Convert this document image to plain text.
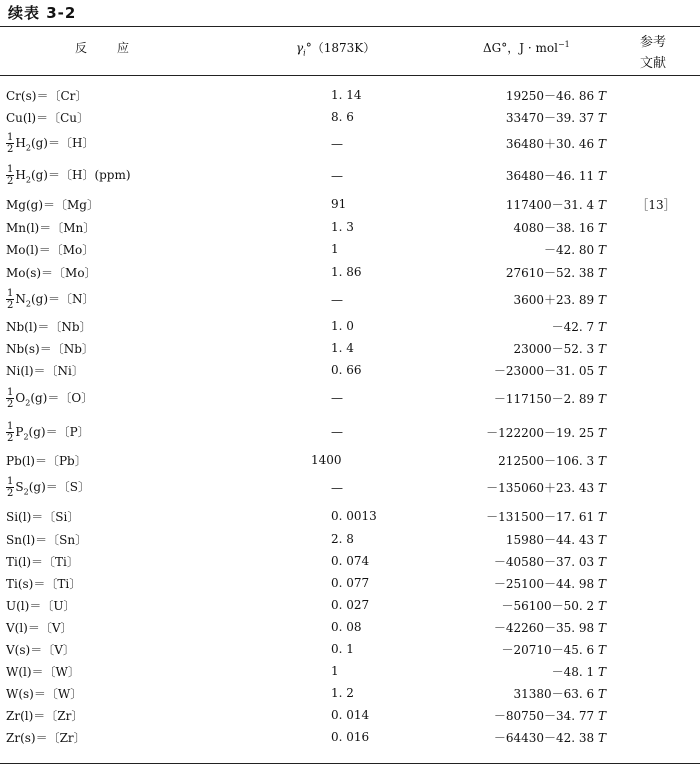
续表 3-2
反　　应	$\gamma_i^\circ(1873K)$	ΔG°，J · mol$^{-1}$	参考
文献
Cr(s)＝〔Cr〕	1. 14	19250－46. 86 T	
Cu(l)＝〔Cu〕	8. 6	33470－39. 37 T	

$\frac{1}{2} H_2(g)=$〔H〕	—	36480＋30. 46 T	

$\frac{1}{2} H_2(g)=$〔H〕(ppm)	—	36480－46. 11 T	
Mg(g)＝〔Mg〕	91	117400－31. 4 T	［13］
Mn(l)＝〔Mn〕	1. 3	4080－38. 16 T	
Mo(l)＝〔Mo〕	1	－42. 80 T	
Mo(s)＝〔Mo〕	1. 86	27610－52. 38 T	

$\frac{1}{2} N_2(g)=$〔N〕	—	3600＋23. 89 T	
Nb(l)＝〔Nb〕	1. 0	－42. 7 T	
Nb(s)＝〔Nb〕	1. 4	23000－52. 3 T	
Ni(l)＝〔Ni〕	0. 66	－23000－31. 05 T	

$\frac{1}{2} O_2(g)=$〔O〕	—	－117150－2. 89 T	

$\frac{1}{2} P_2(g)=$〔P〕	—	－122200－19. 25 T	
Pb(l)＝〔Pb〕	1400	212500－106. 3 T	

$\frac{1}{2} S_2(g)=$〔S〕	—	－135060＋23. 43 T	
Si(l)＝〔Si〕	0. 0013	－131500－17. 61 T	
Sn(l)＝〔Sn〕	2. 8	15980－44. 43 T	
Ti(l)＝〔Ti〕	0. 074	－40580－37. 03 T	
Ti(s)＝〔Ti〕	0. 077	－25100－44. 98 T	
U(l)＝〔U〕	0. 027	－56100－50. 2 T	
V(l)＝〔V〕	0. 08	－42260－35. 98 T	
V(s)＝〔V〕	0. 1	－20710－45. 6 T	
W(l)＝〔W〕	1	－48. 1 T	
W(s)＝〔W〕	1. 2	31380－63. 6 T	
Zr(l)＝〔Zr〕	0. 014	－80750－34. 77 T	
Zr(s)＝〔Zr〕	0. 016	－64430－42. 38 T	
